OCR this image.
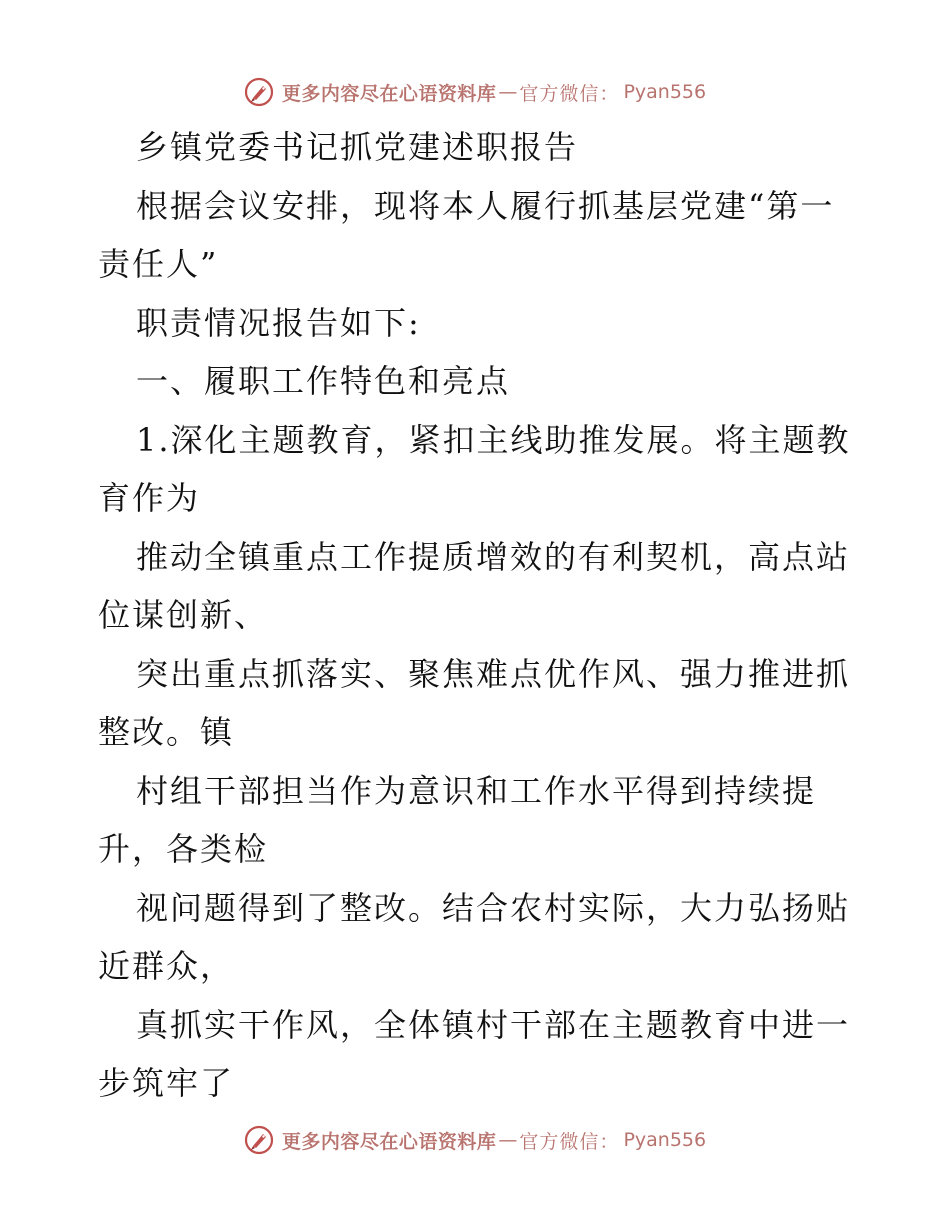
更多内容尽在心语资料库 — 官方微信： Pyan556
乡镇党委书记抓党建述职报告
根据会议安排，现将本人履行抓基层党建“第一
责任人”
职责情况报告如下:
一、履职工作特色和亮点
1.深化主题教育，紧扣主线助推发展。将主题教
育作为
推动全镇重点工作提质增效的有利契机，高点站
位谋创新、
突出重点抓落实、聚焦难点优作风、强力推进抓
整改。镇
村组干部担当作为意识和工作水平得到持续提
升，各类检
视问题得到了整改。结合农村实际，大力弘扬贴
近群众，
真抓实干作风，全体镇村干部在主题教育中进一
步筑牢了
更多内容尽在心语资料库 — 官方微信： Pyan556
